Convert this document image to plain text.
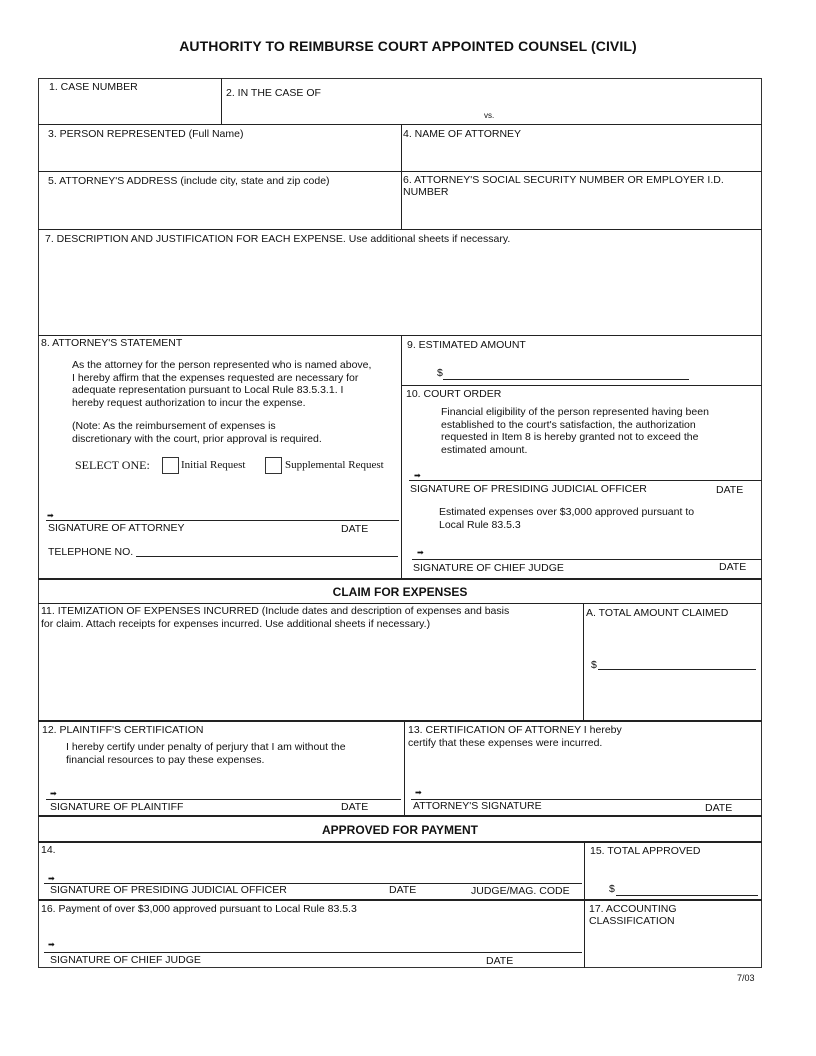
AUTHORITY TO REIMBURSE COURT APPOINTED COUNSEL (CIVIL)
1. CASE NUMBER	2. IN THE CASE OF
vs.
3. PERSON REPRESENTED (Full Name)	4. NAME OF ATTORNEY
5. ATTORNEY'S ADDRESS (include city, state and zip code)	6. ATTORNEY'S SOCIAL SECURITY NUMBER OR EMPLOYER I.D.
NUMBER
7. DESCRIPTION AND JUSTIFICATION FOR EACH EXPENSE. Use additional sheets if necessary.
8. ATTORNEY'S STATEMENT
As the attorney for the person represented who is named above,
I hereby affirm that the expenses requested are necessary for
adequate representation pursuant to Local Rule 83.5.3.1. I
hereby request authorization to incur the expense.
(Note: As the reimbursement of expenses is
discretionary with the court, prior approval is required.
SELECT ONE:	Initial Request	Supplemental Request
➡
SIGNATURE OF ATTORNEY	DATE
TELEPHONE NO.
9. ESTIMATED AMOUNT
$
10. COURT ORDER
Financial eligibility of the person represented having been
established to the court's satisfaction, the authorization
requested in Item 8 is hereby granted not to exceed the
estimated amount.
➡
SIGNATURE OF PRESIDING JUDICIAL OFFICER	DATE
Estimated expenses over $3,000 approved pursuant to
Local Rule 83.5.3
➡
SIGNATURE OF CHIEF JUDGE	DATE
CLAIM FOR EXPENSES
11. ITEMIZATION OF EXPENSES INCURRED (Include dates and description of expenses and basis
for claim. Attach receipts for expenses incurred. Use additional sheets if necessary.)
A. TOTAL AMOUNT CLAIMED
$
12. PLAINTIFF'S CERTIFICATION
I hereby certify under penalty of perjury that I am without the
financial resources to pay these expenses.
➡
SIGNATURE OF PLAINTIFF	DATE
13. CERTIFICATION OF ATTORNEY I hereby
certify that these expenses were incurred.
➡
ATTORNEY'S SIGNATURE	DATE
APPROVED FOR PAYMENT
14.
➡
SIGNATURE OF PRESIDING JUDICIAL OFFICER	DATE	JUDGE/MAG. CODE
15. TOTAL APPROVED
$
16. Payment of over $3,000 approved pursuant to Local Rule 83.5.3
➡
SIGNATURE OF CHIEF JUDGE	DATE
17. ACCOUNTING
CLASSIFICATION
7/03
